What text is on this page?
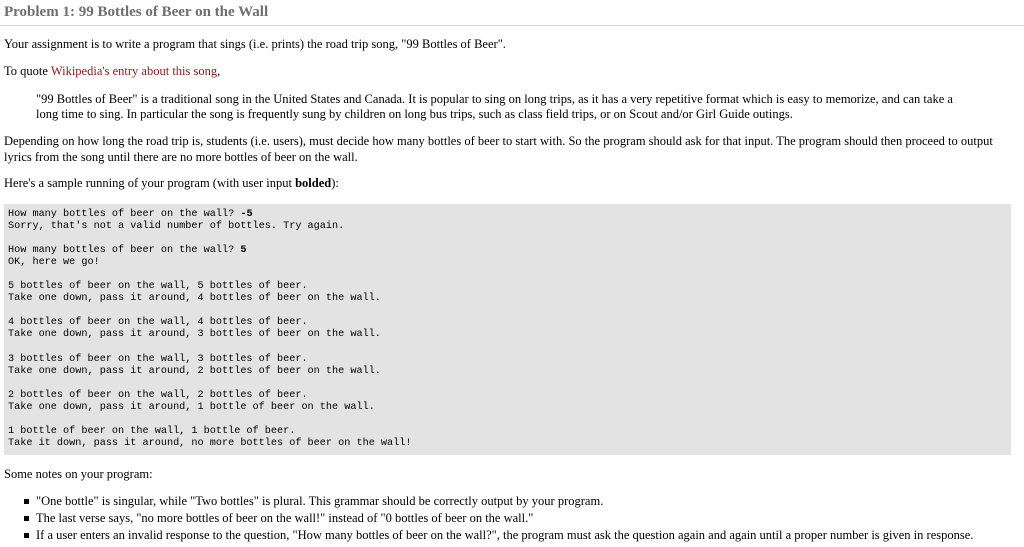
Problem 1: 99 Bottles of Beer on the Wall

Your assignment is to write a program that sings (i.e. prints) the road trip song, "99 Bottles of Beer".

To quote Wikipedia's entry about this song,

"99 Bottles of Beer" is a traditional song in the United States and Canada. It is popular to sing on long trips, as it has a very repetitive format which is easy to memorize, and can take a long time to sing. In particular the song is frequently sung by children on long bus trips, such as class field trips, or on Scout and/or Girl Guide outings.

Depending on how long the road trip is, students (i.e. users), must decide how many bottles of beer to start with. So the program should ask for that input. The program should then proceed to output lyrics from the song until there are no more bottles of beer on the wall.

Here's a sample running of your program (with user input bolded):

How many bottles of beer on the wall? -5
Sorry, that's not a valid number of bottles. Try again.
How many bottles of beer on the wall? 5
OK, here we go!
5 bottles of beer on the wall, 5 bottles of beer.
Take one down, pass it around, 4 bottles of beer on the wall.
4 bottles of beer on the wall, 4 bottles of beer.
Take one down, pass it around, 3 bottles of beer on the wall.
3 bottles of beer on the wall, 3 bottles of beer.
Take one down, pass it around, 2 bottles of beer on the wall.
2 bottles of beer on the wall, 2 bottles of beer.
Take one down, pass it around, 1 bottle of beer on the wall.
1 bottle of beer on the wall, 1 bottle of beer.
Take it down, pass it around, no more bottles of beer on the wall!

Some notes on your program:

"One bottle" is singular, while "Two bottles" is plural. This grammar should be correctly output by your program.
The last verse says, "no more bottles of beer on the wall!" instead of "0 bottles of beer on the wall."
If a user enters an invalid response to the question, "How many bottles of beer on the wall?", the program must ask the question again and again until a proper number is given in response.
